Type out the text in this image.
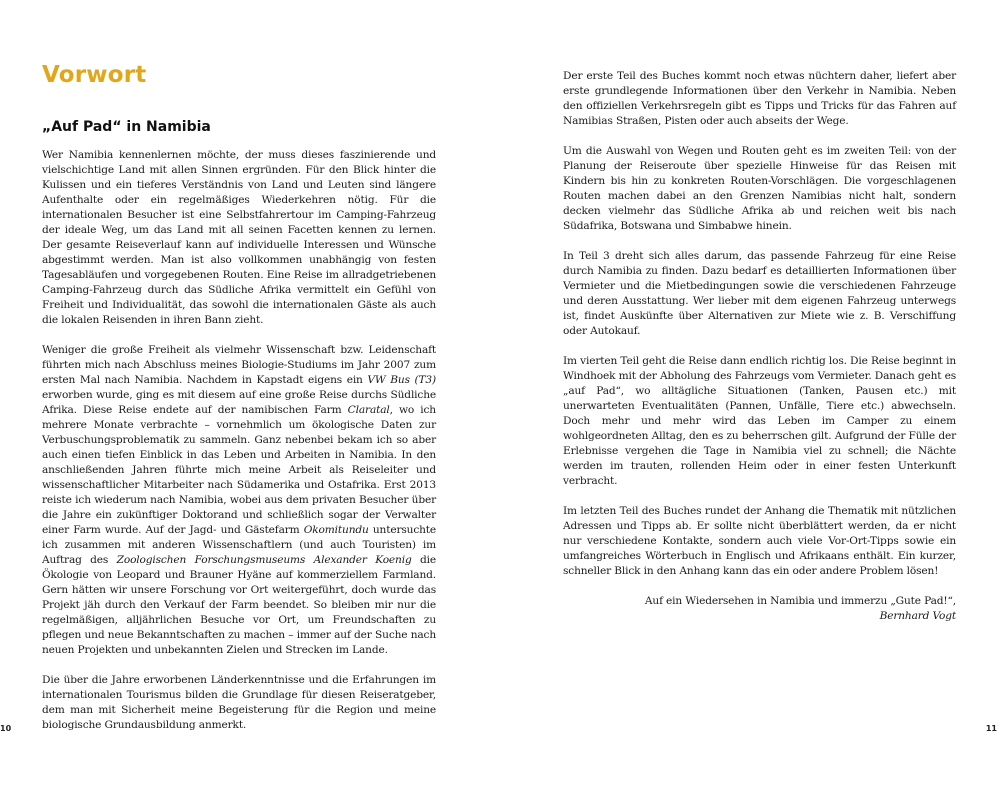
Vorwort
„Auf Pad“ in Namibia

Wer Namibia kennenlernen möchte, der muss dieses faszinierende und vielschichtige Land mit allen Sinnen ergründen. Für den Blick hinter die Kulissen und ein tieferes Verständnis von Land und Leuten sind längere Aufenthalte oder ein regelmäßiges Wiederkehren nötig. Für die internationalen Besucher ist eine Selbstfahrertour im Camping-Fahrzeug der ideale Weg, um das Land mit all seinen Facetten kennen zu lernen. Der gesamte Reiseverlauf kann auf individuelle Interessen und Wünsche abgestimmt werden. Man ist also vollkommen unabhängig von festen Tagesabläufen und vorgegebenen Routen. Eine Reise im allradgetriebenen Camping-Fahrzeug durch das Südliche Afrika vermittelt ein Gefühl von Freiheit und Individualität, das sowohl die internationalen Gäste als auch die lokalen Reisenden in ihren Bann zieht.

Weniger die große Freiheit als vielmehr Wissenschaft bzw. Leidenschaft führten mich nach Abschluss meines Biologie-Studiums im Jahr 2007 zum ersten Mal nach Namibia. Nachdem in Kapstadt eigens ein VW Bus (T3) erworben wurde, ging es mit diesem auf eine große Reise durchs Südliche Afrika. Diese Reise endete auf der namibischen Farm Claratal, wo ich mehrere Monate verbrachte – vornehmlich um ökologische Daten zur Verbuschungsproblematik zu sammeln. Ganz nebenbei bekam ich so aber auch einen tiefen Einblick in das Leben und Arbeiten in Namibia. In den anschließenden Jahren führte mich meine Arbeit als Reiseleiter und wissenschaftlicher Mitarbeiter nach Südamerika und Ostafrika. Erst 2013 reiste ich wiederum nach Namibia, wobei aus dem privaten Besucher über die Jahre ein zukünftiger Doktorand und schließlich sogar der Verwalter einer Farm wurde. Auf der Jagd- und Gästefarm Okomitundu untersuchte ich zusammen mit anderen Wissenschaftlern (und auch Touristen) im Auftrag des Zoologischen Forschungsmuseums Alexander Koenig die Ökologie von Leopard und Brauner Hyäne auf kommerziellem Farmland. Gern hätten wir unsere Forschung vor Ort weitergeführt, doch wurde das Projekt jäh durch den Verkauf der Farm beendet. So bleiben mir nur die regelmäßigen, alljährlichen Besuche vor Ort, um Freundschaften zu pflegen und neue Bekanntschaften zu machen – immer auf der Suche nach neuen Projekten und unbekannten Zielen und Strecken im Lande.

Die über die Jahre erworbenen Länderkenntnisse und die Erfahrungen im internationalen Tourismus bilden die Grundlage für diesen Reiseratgeber, dem man mit Sicherheit meine Begeisterung für die Region und meine biologische Grundausbildung anmerkt.

Der erste Teil des Buches kommt noch etwas nüchtern daher, liefert aber erste grundlegende Informationen über den Verkehr in Namibia. Neben den offiziellen Verkehrsregeln gibt es Tipps und Tricks für das Fahren auf Namibias Straßen, Pisten oder auch abseits der Wege.

Um die Auswahl von Wegen und Routen geht es im zweiten Teil: von der Planung der Reiseroute über spezielle Hinweise für das Reisen mit Kindern bis hin zu konkreten Routen-Vorschlägen. Die vorgeschlagenen Routen machen dabei an den Grenzen Namibias nicht halt, sondern decken vielmehr das Südliche Afrika ab und reichen weit bis nach Südafrika, Botswana und Simbabwe hinein.

In Teil 3 dreht sich alles darum, das passende Fahrzeug für eine Reise durch Namibia zu finden. Dazu bedarf es detaillierten Informationen über Vermieter und die Mietbedingungen sowie die verschiedenen Fahrzeuge und deren Ausstattung. Wer lieber mit dem eigenen Fahrzeug unterwegs ist, findet Auskünfte über Alternativen zur Miete wie z. B. Verschiffung oder Autokauf.

Im vierten Teil geht die Reise dann endlich richtig los. Die Reise beginnt in Windhoek mit der Abholung des Fahrzeugs vom Vermieter. Danach geht es „auf Pad“, wo alltägliche Situationen (Tanken, Pausen etc.) mit unerwarteten Eventualitäten (Pannen, Unfälle, Tiere etc.) abwechseln. Doch mehr und mehr wird das Leben im Camper zu einem wohlgeordneten Alltag, den es zu beherrschen gilt. Aufgrund der Fülle der Erlebnisse vergehen die Tage in Namibia viel zu schnell; die Nächte werden im trauten, rollenden Heim oder in einer festen Unterkunft verbracht.

Im letzten Teil des Buches rundet der Anhang die Thematik mit nützlichen Adressen und Tipps ab. Er sollte nicht überblättert werden, da er nicht nur verschiedene Kontakte, sondern auch viele Vor-Ort-Tipps sowie ein umfangreiches Wörterbuch in Englisch und Afrikaans enthält. Ein kurzer, schneller Blick in den Anhang kann das ein oder andere Problem lösen!

Auf ein Wiedersehen in Namibia und immerzu „Gute Pad!“,
Bernhard Vogt

10	11
